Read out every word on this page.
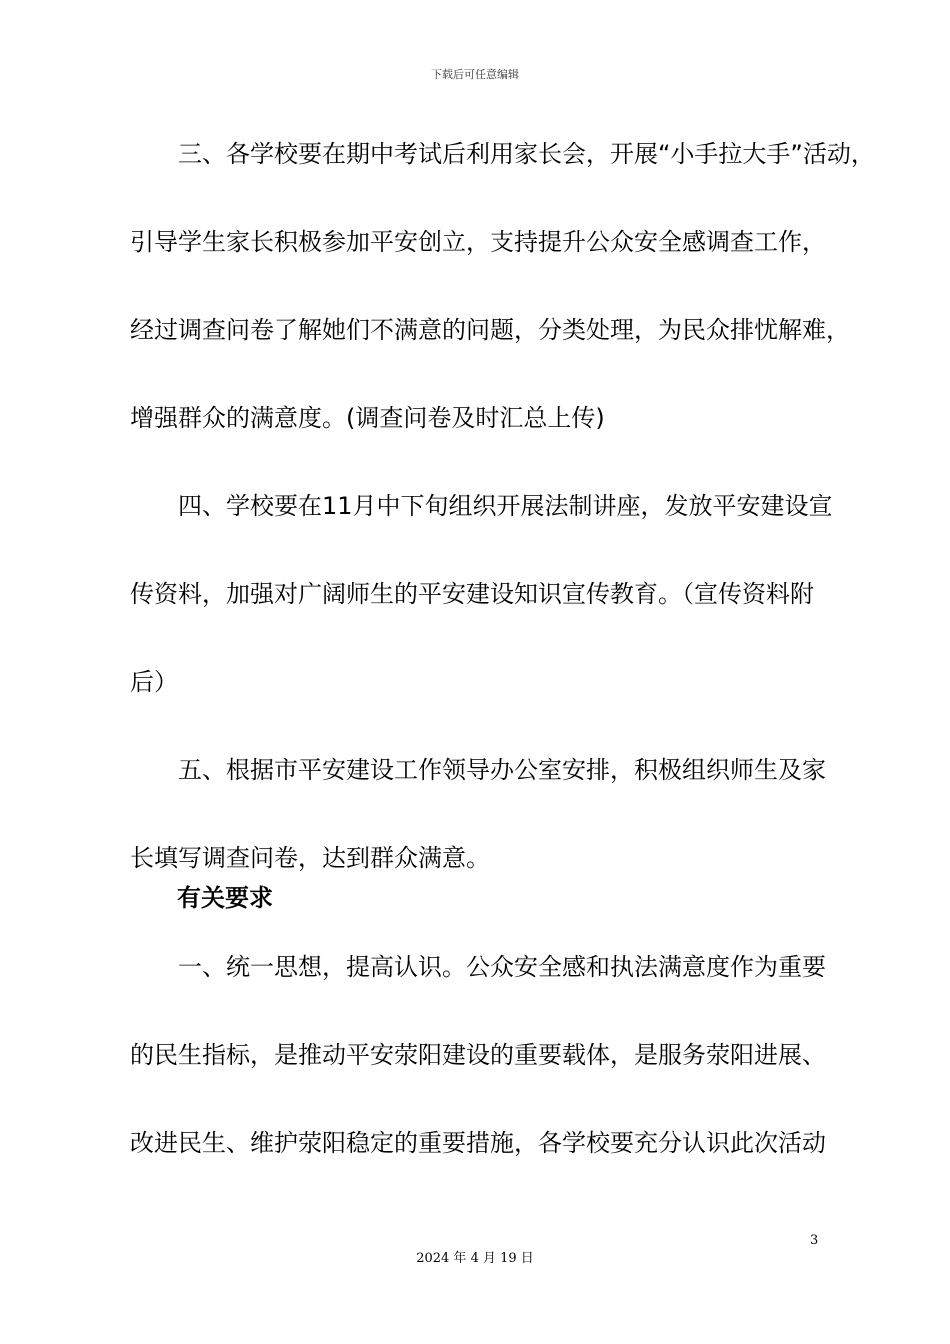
下载后可任意编辑
　　三、各学校要在期中考试后利用家长会，开展“小手拉大手”活动，
引导学生家长积极参加平安创立，支持提升公众安全感调查工作，
经过调查问卷了解她们不满意的问题，分类处理，为民众排忧解难，
增强群众的满意度。(调查问卷及时汇总上传)
　　四、学校要在11月中下旬组织开展法制讲座，发放平安建设宣
传资料，加强对广阔师生的平安建设知识宣传教育。（宣传资料附
后）
　　五、根据市平安建设工作领导办公室安排，积极组织师生及家
长填写调查问卷，达到群众满意。
有关要求
　　一、统一思想，提高认识。公众安全感和执法满意度作为重要
的民生指标，是推动平安荥阳建设的重要载体，是服务荥阳进展、
改进民生、维护荥阳稳定的重要措施，各学校要充分认识此次活动
3
2024 年 4 月 19 日
